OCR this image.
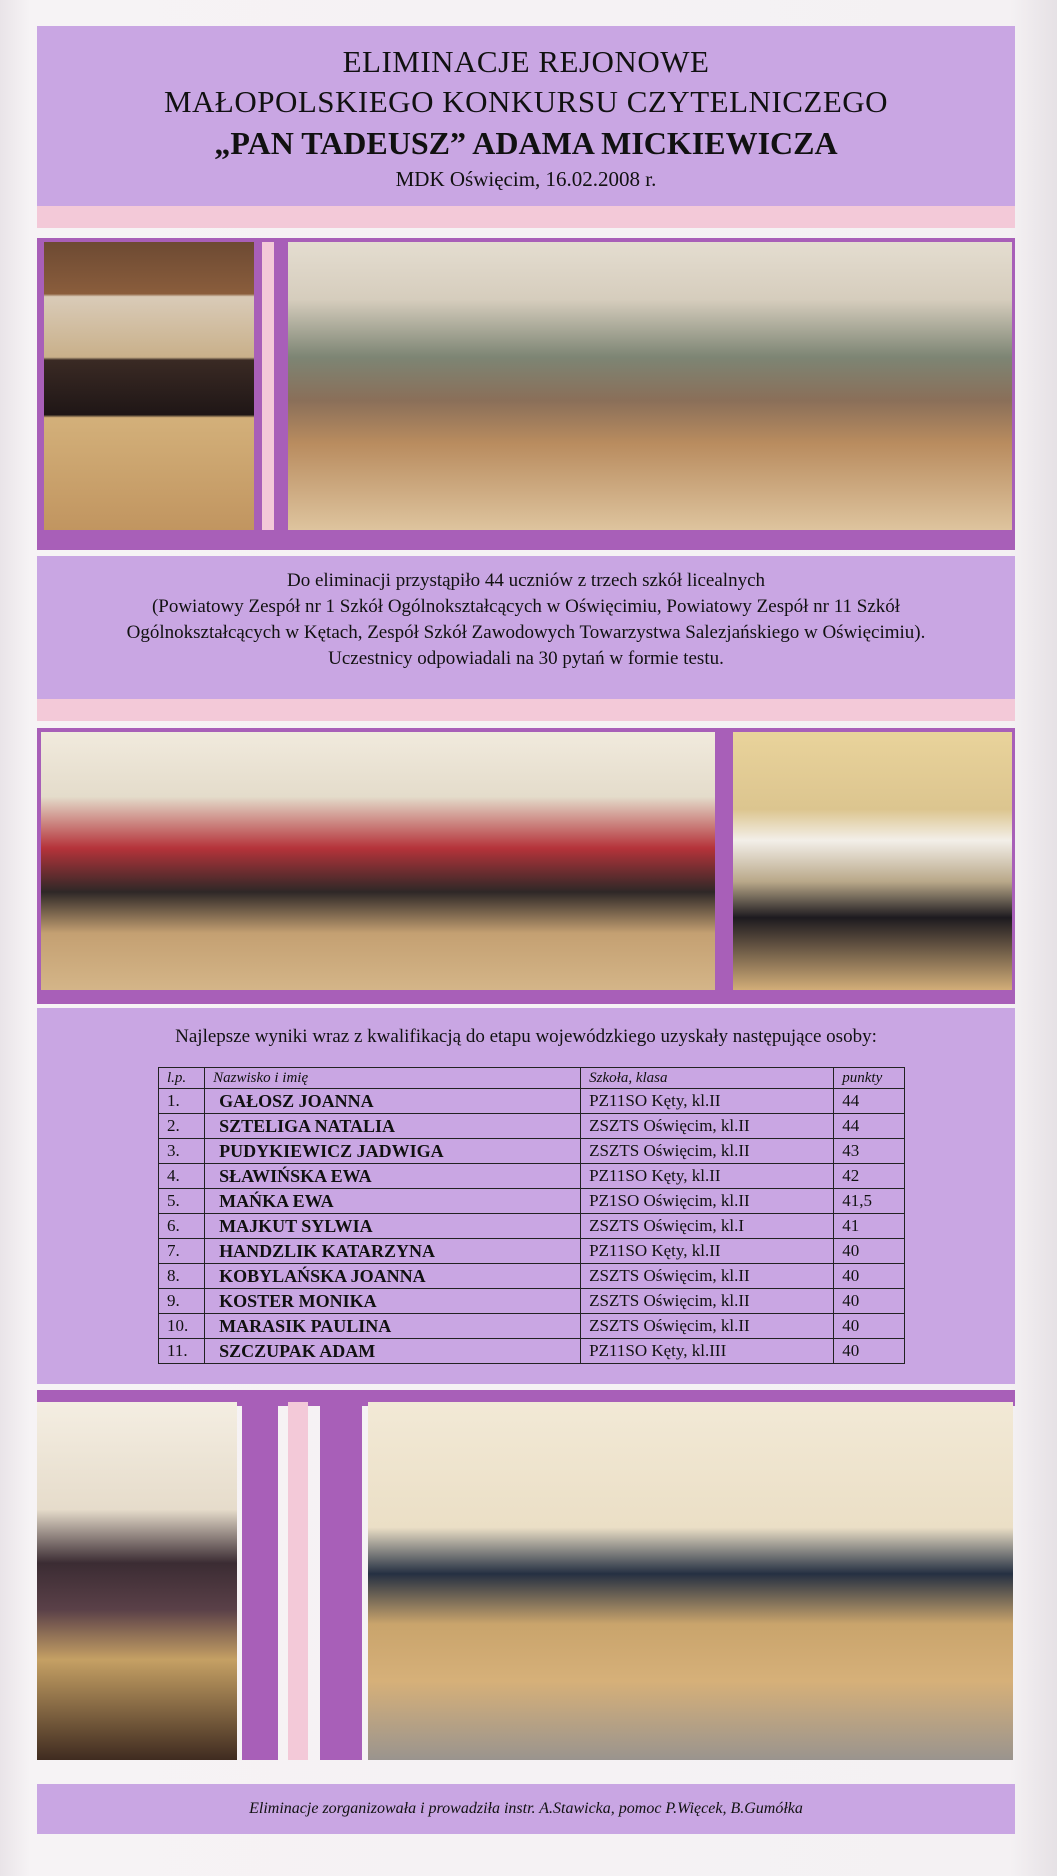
ELIMINACJE REJONOWE
MAŁOPOLSKIEGO KONKURSU CZYTELNICZEGO
„PAN TADEUSZ” ADAMA MICKIEWICZA
MDK Oświęcim, 16.02.2008 r.
Do eliminacji przystąpiło 44 uczniów z trzech szkół licealnych
(Powiatowy Zespół nr 1 Szkół Ogólnokształcących w Oświęcimiu, Powiatowy Zespół nr 11 Szkół
Ogólnokształcących w Kętach, Zespół Szkół Zawodowych Towarzystwa Salezjańskiego w Oświęcimiu).
Uczestnicy odpowiadali na 30 pytań w formie testu.
Najlepsze wyniki wraz z kwalifikacją do etapu wojewódzkiego uzyskały następujące osoby:
l.p.	Nazwisko i imię	Szkoła, klasa	punkty
1.	GAŁOSZ JOANNA	PZ11SO Kęty, kl.II	44
2.	SZTELIGA NATALIA	ZSZTS Oświęcim, kl.II	44
3.	PUDYKIEWICZ JADWIGA	ZSZTS Oświęcim, kl.II	43
4.	SŁAWIŃSKA EWA	PZ11SO Kęty, kl.II	42
5.	MAŃKA EWA	PZ1SO Oświęcim, kl.II	41,5
6.	MAJKUT SYLWIA	ZSZTS Oświęcim, kl.I	41
7.	HANDZLIK KATARZYNA	PZ11SO Kęty, kl.II	40
8.	KOBYLAŃSKA JOANNA	ZSZTS Oświęcim, kl.II	40
9.	KOSTER MONIKA	ZSZTS Oświęcim, kl.II	40
10.	MARASIK PAULINA	ZSZTS Oświęcim, kl.II	40
11.	SZCZUPAK ADAM	PZ11SO Kęty, kl.III	40
Eliminacje zorganizowała i prowadziła instr. A.Stawicka, pomoc P.Więcek, B.Gumółka
